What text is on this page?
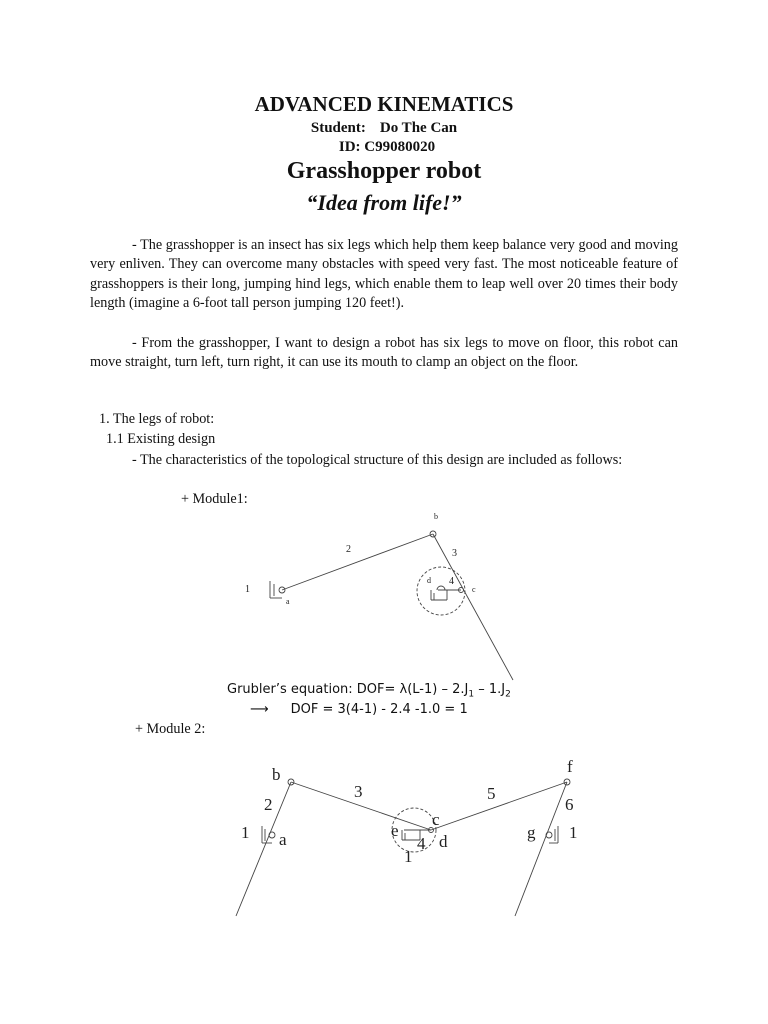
ADVANCED KINEMATICS
Student: Do The Can
ID: C99080020
Grasshopper robot
“Idea from life!”

- The grasshopper is an insect has six legs which help them keep balance very good and moving very enliven. They can overcome many obstacles with speed very fast. The most noticeable feature of grasshoppers is their long, jumping hind legs, which enable them to leap well over 20 times their body length (imagine a 6-foot tall person jumping 120 feet!).

- From the grasshopper, I want to design a robot has six legs to move on floor, this robot can move straight, turn left, turn right, it can use its mouth to clamp an object on the floor.

1. The legs of robot:

1.1 Existing design

- The characteristics of the topological structure of this design are included as follows:

+ Module1:

1
a
2
b
3
d 4
c
Grubler’s equation: $DOF= \lambda(L-1) - 2.J_1 - 1.J_2$
⟶ DOF = 3(4-1) - 2.4 -1.0 = 1

+ Module 2:

b
2
1 a
3
c
e
4 d
1
5
f
6
g 1
